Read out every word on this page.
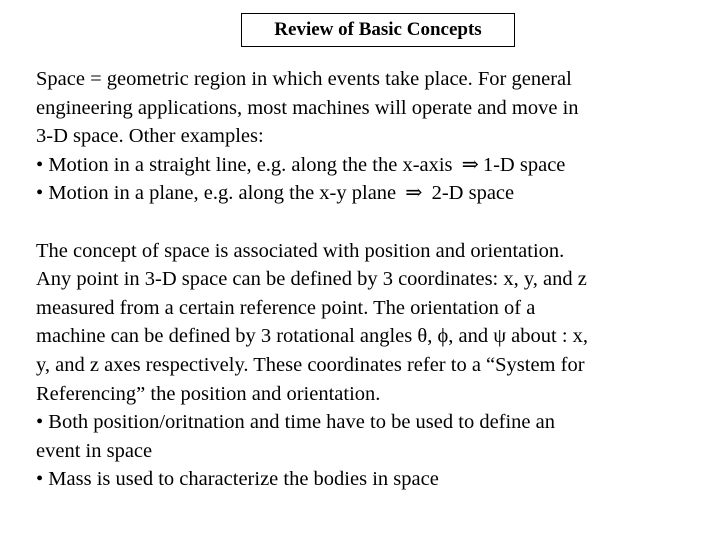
Review of Basic Concepts
Space = geometric region in which events take place. For general
engineering applications, most machines will operate and move in
3-D space. Other examples:
• Motion in a straight line, e.g. along the the x-axis ⇒ 1-D space
• Motion in a plane, e.g. along the x-y plane ⇒ 2-D space
The concept of space is associated with position and orientation.
Any point in 3-D space can be defined by 3 coordinates: x, y, and z
measured from a certain reference point. The orientation of a
machine can be defined by 3 rotational angles θ, ϕ, and ψ about : x,
y, and z axes respectively. These coordinates refer to a “System for
Referencing” the position and orientation.
• Both position/oritnation and time have to be used to define an
event in space
• Mass is used to characterize the bodies in space
